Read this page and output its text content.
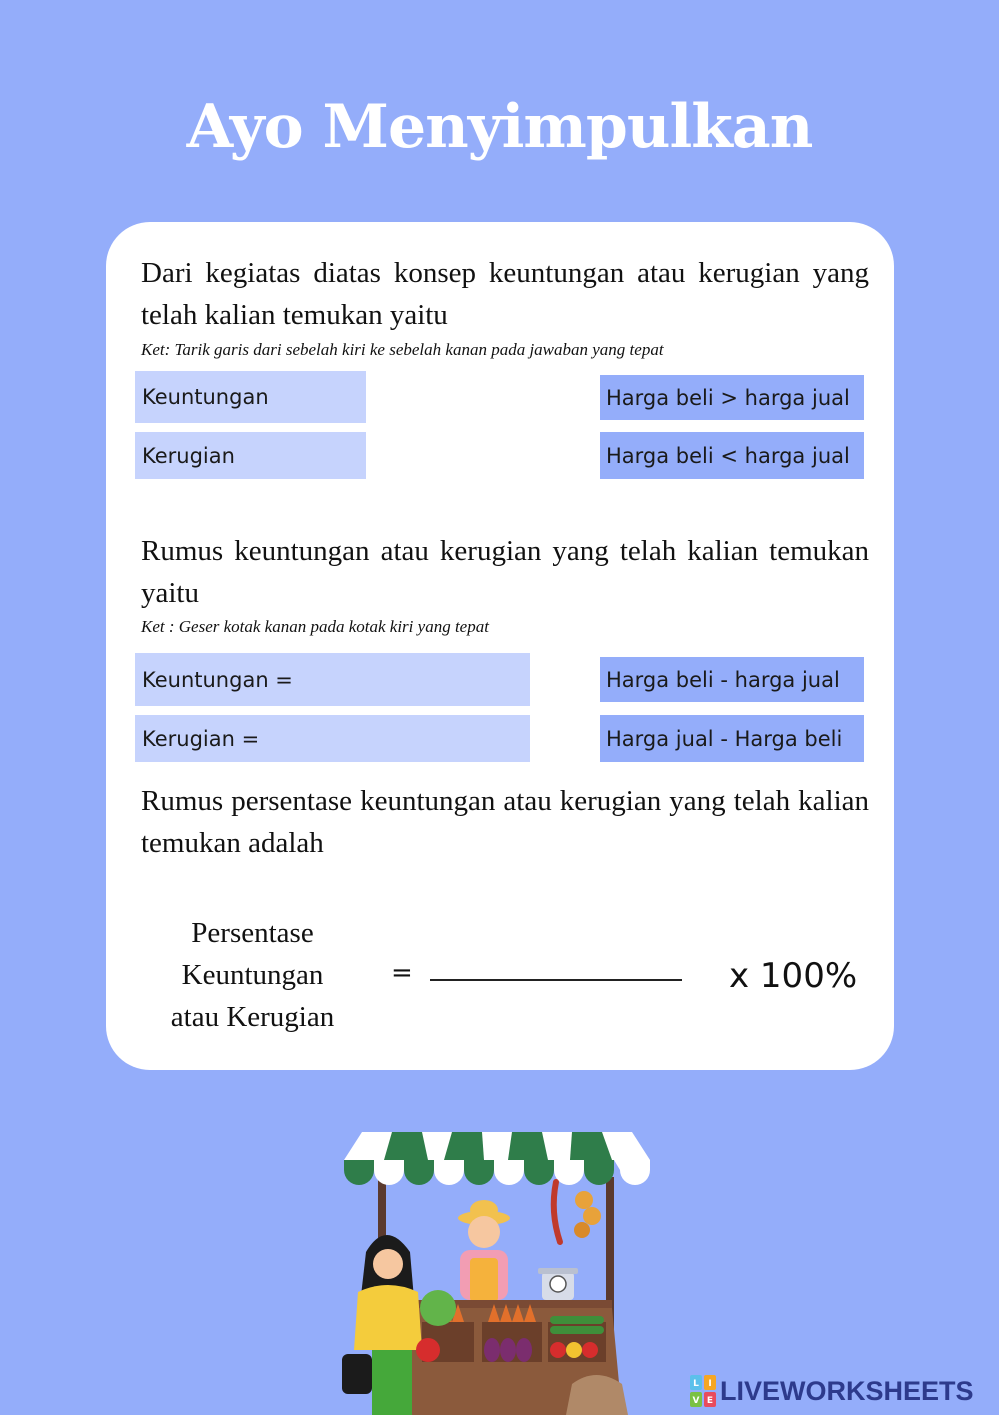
Ayo Menyimpulkan
Dari kegiatas diatas konsep keuntungan atau kerugian yang telah kalian temukan yaitu
Ket: Tarik garis dari sebelah kiri ke sebelah kanan pada jawaban yang tepat
Keuntungan
Kerugian
Harga beli > harga jual
Harga beli < harga jual
Rumus keuntungan atau kerugian yang telah kalian temukan yaitu
Ket : Geser kotak kanan pada kotak kiri yang tepat
Keuntungan =
Kerugian =
Harga beli - harga jual
Harga jual - Harga beli
Rumus persentase keuntungan atau kerugian yang telah kalian temukan adalah
Persentase
Keuntungan
atau Kerugian
=	x 100%
L I
V E LIVEWORKSHEETS
